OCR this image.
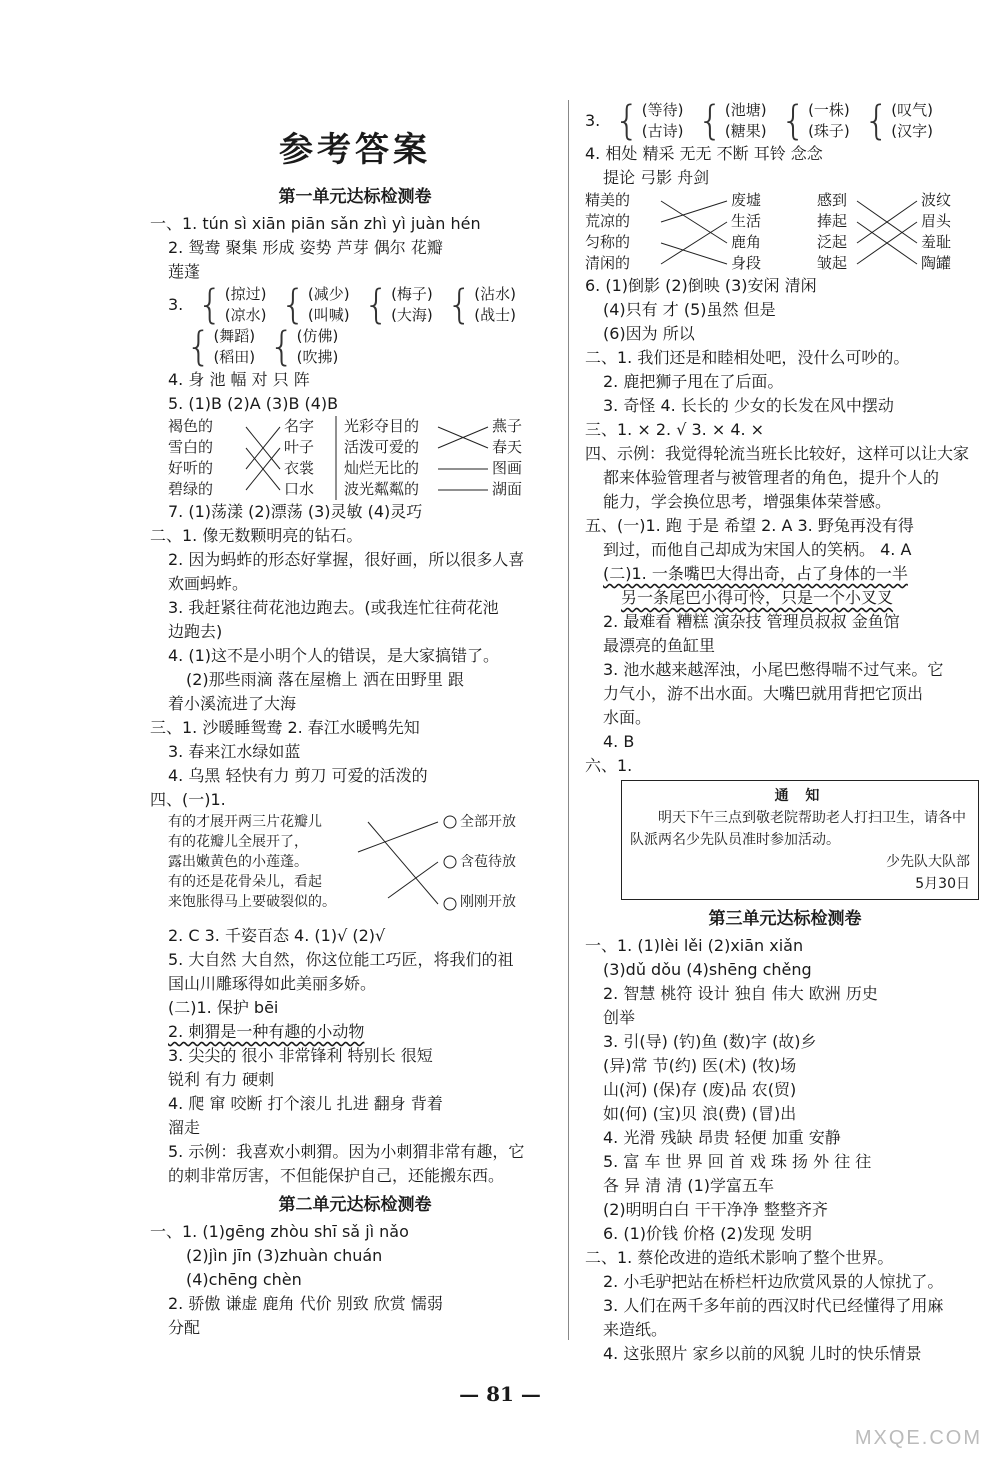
参考答案
第一单元达标检测卷
一、1. tún sì xiān piān sǎn zhì yì juàn hén
2. 鸳鸯 聚集 形成 姿势 芦芽 偶尔 花瓣
莲蓬
3. { (掠过)
(凉水) { (减少)
(叫喊) { (梅子)
(大海) { (沾水)
(战士)
{ (舞蹈)
(稻田) { (仿佛)
(吹拂)
4. 身 池 幅 对 只 阵
5. (1)B (2)A (3)B (4)B
褐色的
雪白的
好听的
碧绿的
名字
叶子
衣裳
口水
光彩夺目的
活泼可爱的
灿烂无比的
波光粼粼的
燕子
春天
图画
湖面
7. (1)荡漾 (2)漂荡 (3)灵敏 (4)灵巧
二、1. 像无数颗明亮的钻石。
2. 因为蚂蚱的形态好掌握，很好画，所以很多人喜
欢画蚂蚱。
3. 我赶紧往荷花池边跑去。(或我连忙往荷花池
边跑去)
4. (1)这不是小明个人的错误，是大家搞错了。
(2)那些雨滴 落在屋檐上 洒在田野里 跟
着小溪流进了大海
三、1. 沙暖睡鸳鸯 2. 春江水暖鸭先知
3. 春来江水绿如蓝
4. 乌黑 轻快有力 剪刀 可爱的活泼的
四、(一)1.
有的才展开两三片花瓣儿
有的花瓣儿全展开了，
露出嫩黄色的小莲蓬。
有的还是花骨朵儿，看起
来饱胀得马上要破裂似的。
全部开放
含苞待放
刚刚开放
2. C 3. 千姿百态 4. (1)√ (2)√
5. 大自然 大自然，你这位能工巧匠，将我们的祖
国山川雕琢得如此美丽多娇。
(二)1. 保护 bēi
2. 刺猬是一种有趣的小动物
3. 尖尖的 很小 非常锋利 特别长 很短
锐利 有力 硬刺
4. 爬 窜 咬断 打个滚儿 扎进 翻身 背着
溜走
5. 示例：我喜欢小刺猬。因为小刺猬非常有趣，它
的刺非常厉害，不但能保护自己，还能搬东西。
第二单元达标检测卷
一、1. (1)gēng zhòu shī sǎ jì nǎo
(2)jìn jīn (3)zhuàn chuán
(4)chēng chèn
2. 骄傲 谦虚 鹿角 代价 别致 欣赏 懦弱
分配
3. { (等待)
(古诗) { (池塘)
(糖果) { (一株)
(珠子) { (叹气)
(汉字)
4. 相处 精采 无无 不断 耳铃 念念
提论 弓影 舟剑
精美的
荒凉的
匀称的
清闲的
废墟
生活
鹿角
身段
感到
捧起
泛起
皱起
波纹
眉头
羞耻
陶罐
6. (1)倒影 (2)倒映 (3)安闲 清闲
(4)只有 才 (5)虽然 但是
(6)因为 所以
二、1. 我们还是和睦相处吧，没什么可吵的。
2. 鹿把狮子甩在了后面。
3. 奇怪 4. 长长的 少女的长发在风中摆动
三、1. × 2. √ 3. × 4. ×
四、示例：我觉得轮流当班长比较好，这样可以让大家
都来体验管理者与被管理者的角色，提升个人的
能力，学会换位思考，增强集体荣誉感。
五、(一)1. 跑 于是 希望 2. A 3. 野兔再没有得
到过，而他自己却成为宋国人的笑柄。 4. A
(二)1. 一条嘴巴大得出奇，占了身体的一半
另一条尾巴小得可怜，只是一个小叉叉
2. 最难看 糟糕 演杂技 管理员叔叔 金鱼馆
最漂亮的鱼缸里
3. 池水越来越浑浊，小尾巴憋得喘不过气来。它
力气小，游不出水面。大嘴巴就用背把它顶出
水面。
4. B
六、1.
通 知
明天下午三点到敬老院帮助老人打扫卫生，请各中队派两名少先队员准时参加活动。
少先队大队部
5月30日
第三单元达标检测卷
一、1. (1)lèi lěi (2)xiān xiǎn
(3)dǔ dǒu (4)shēng chěng
2. 智慧 桃符 设计 独自 伟大 欧洲 历史
创举
3. 引(导) (钓)鱼 (数)字 (故)乡
(异)常 节(约) 医(术) (牧)场
山(河) (保)存 (废)品 农(贸)
如(何) (宝)贝 浪(费) (冒)出
4. 光滑 残缺 昂贵 轻便 加重 安静
5. 富 车 世 界 回 首 戏 珠 扬 外 往 往
各 异 清 清 (1)学富五车
(2)明明白白 干干净净 整整齐齐
6. (1)价钱 价格 (2)发现 发明
二、1. 蔡伦改进的造纸术影响了整个世界。
2. 小毛驴把站在桥栏杆边欣赏风景的人惊扰了。
3. 人们在两千多年前的西汉时代已经懂得了用麻
来造纸。
4. 这张照片 家乡以前的风貌 儿时的快乐情景
— 81 —
MXQE.COM
